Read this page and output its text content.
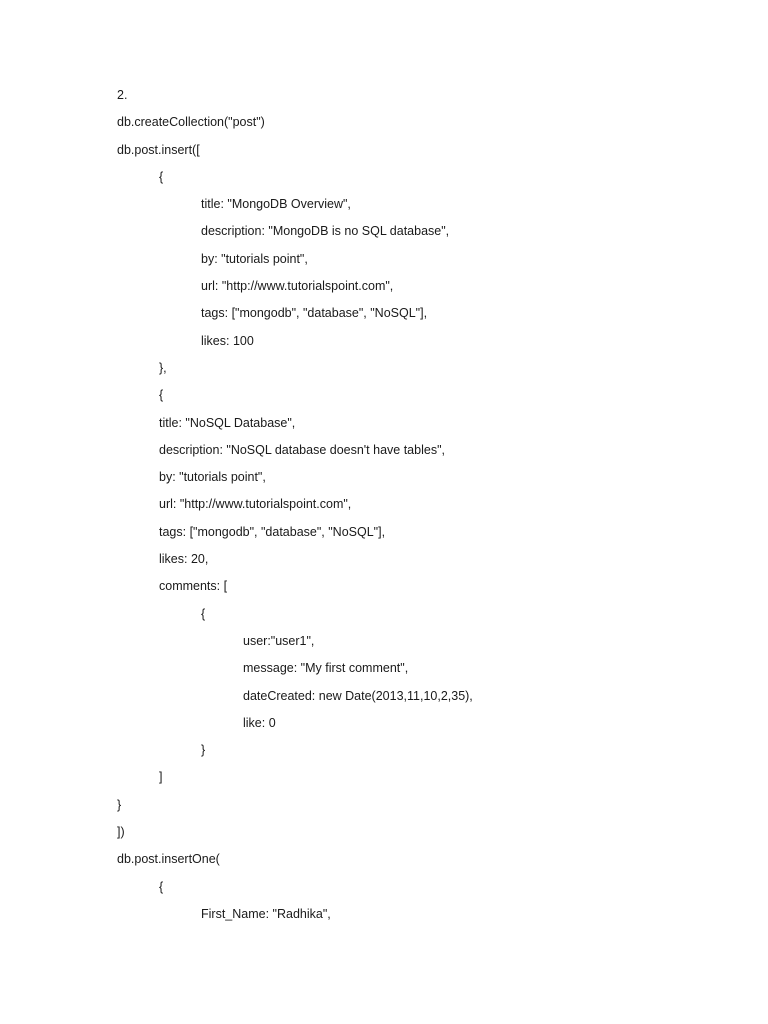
2.
db.createCollection("post")
db.post.insert([
{
title: "MongoDB Overview",
description: "MongoDB is no SQL database",
by: "tutorials point",
url: "http://www.tutorialspoint.com",
tags: ["mongodb", "database", "NoSQL"],
likes: 100
},
{
title: "NoSQL Database",
description: "NoSQL database doesn't have tables",
by: "tutorials point",
url: "http://www.tutorialspoint.com",
tags: ["mongodb", "database", "NoSQL"],
likes: 20,
comments: [
{
user:"user1",
message: "My first comment",
dateCreated: new Date(2013,11,10,2,35),
like: 0
}
]
}
])
db.post.insertOne(
{
First_Name: "Radhika",
